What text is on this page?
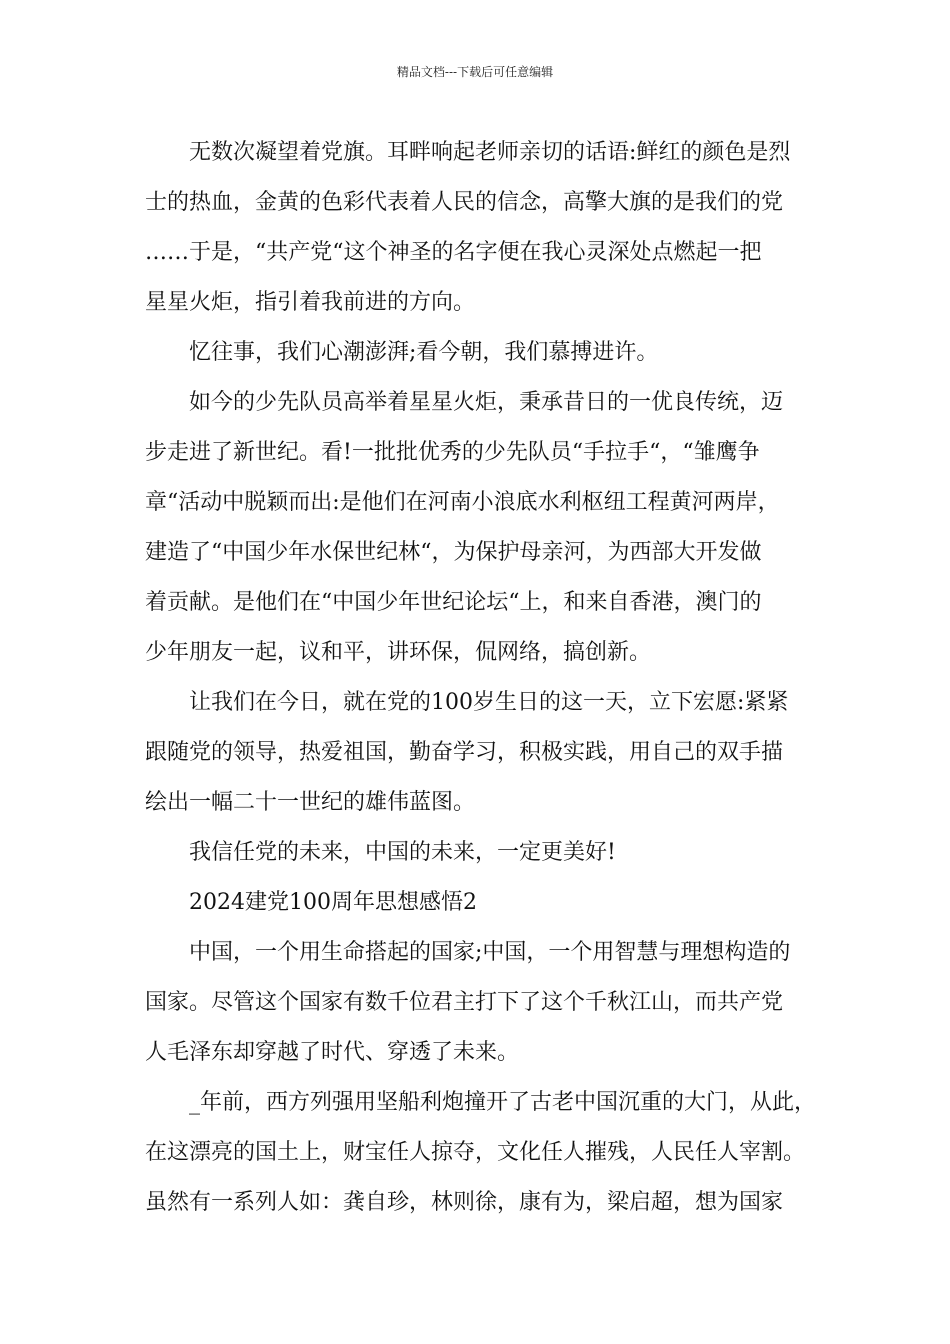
精品文档---下载后可任意编辑
无数次凝望着党旗。耳畔响起老师亲切的话语:鲜红的颜色是烈
士的热血，金黄的色彩代表着人民的信念，高擎大旗的是我们的党
……于是，“共产党“这个神圣的名字便在我心灵深处点燃起一把
星星火炬，指引着我前进的方向。
忆往事，我们心潮澎湃;看今朝，我们慕搏进许。
如今的少先队员高举着星星火炬，秉承昔日的一优良传统，迈
步走进了新世纪。看!一批批优秀的少先队员“手拉手“，“雏鹰争
章“活动中脱颖而出:是他们在河南小浪底水利枢纽工程黄河两岸，
建造了“中国少年水保世纪林“，为保护母亲河，为西部大开发做
着贡献。是他们在“中国少年世纪论坛“上，和来自香港，澳门的
少年朋友一起，议和平，讲环保，侃网络，搞创新。
让我们在今日，就在党的100岁生日的这一天，立下宏愿:紧紧
跟随党的领导，热爱祖国，勤奋学习，积极实践，用自己的双手描
绘出一幅二十一世纪的雄伟蓝图。
我信任党的未来，中国的未来，一定更美好!
2024建党100周年思想感悟2
中国，一个用生命搭起的国家;中国，一个用智慧与理想构造的
国家。尽管这个国家有数千位君主打下了这个千秋江山，而共产党
人毛泽东却穿越了时代、穿透了未来。
_年前，西方列强用坚船利炮撞开了古老中国沉重的大门，从此，
在这漂亮的国土上，财宝任人掠夺，文化任人摧残，人民任人宰割。
虽然有一系列人如：龚自珍，林则徐，康有为，梁启超，想为国家
